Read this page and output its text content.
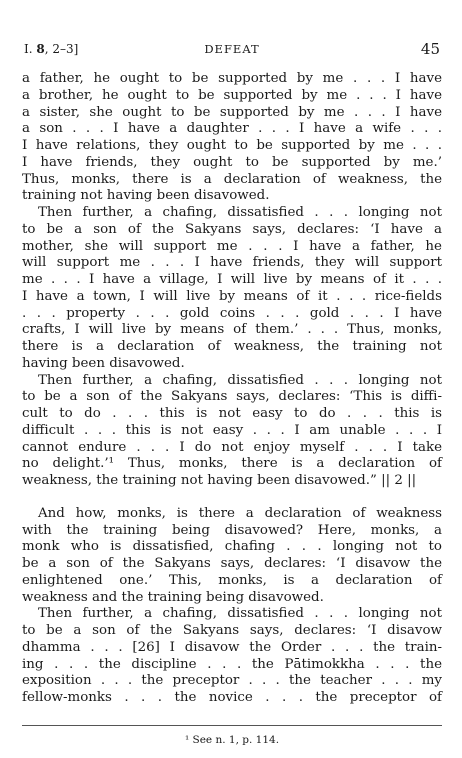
I. 8, 2–3]	DEFEAT	45
a father, he ought to be supported by me . . . I have
a brother, he ought to be supported by me . . . I have
a sister, she ought to be supported by me . . . I have
a son . . . I have a daughter . . . I have a wife . . .
I have relations, they ought to be supported by me . . .
I have friends, they ought to be supported by me.’
Thus, monks, there is a declaration of weakness, the
training not having been disavowed.
Then further, a chafing, dissatisfied . . . longing not
to be a son of the Sakyans says, declares: ‘I have a
mother, she will support me . . . I have a father, he
will support me . . . I have friends, they will support
me . . . I have a village, I will live by means of it . . .
I have a town, I will live by means of it . . . rice-fields
. . . property . . . gold coins . . . gold . . . I have
crafts, I will live by means of them.’ . . . Thus, monks,
there is a declaration of weakness, the training not
having been disavowed.
Then further, a chafing, dissatisfied . . . longing not
to be a son of the Sakyans says, declares: ‘This is diffi-
cult to do . . . this is not easy to do . . . this is
difficult . . . this is not easy . . . I am unable . . . I
cannot endure . . . I do not enjoy myself . . . I take
no delight.’¹ Thus, monks, there is a declaration of
weakness, the training not having been disavowed.” || 2 ||
And how, monks, is there a declaration of weakness
with the training being disavowed? Here, monks, a
monk who is dissatisfied, chafing . . . longing not to
be a son of the Sakyans says, declares: ‘I disavow the
enlightened one.’ This, monks, is a declaration of
weakness and the training being disavowed.
Then further, a chafing, dissatisfied . . . longing not
to be a son of the Sakyans says, declares: ‘I disavow
dhamma . . . [26] I disavow the Order . . . the train-
ing . . . the discipline . . . the Pātimokkha . . . the
exposition . . . the preceptor . . . the teacher . . . my
fellow-monks . . . the novice . . . the preceptor of
¹ See n. 1, p. 114.
